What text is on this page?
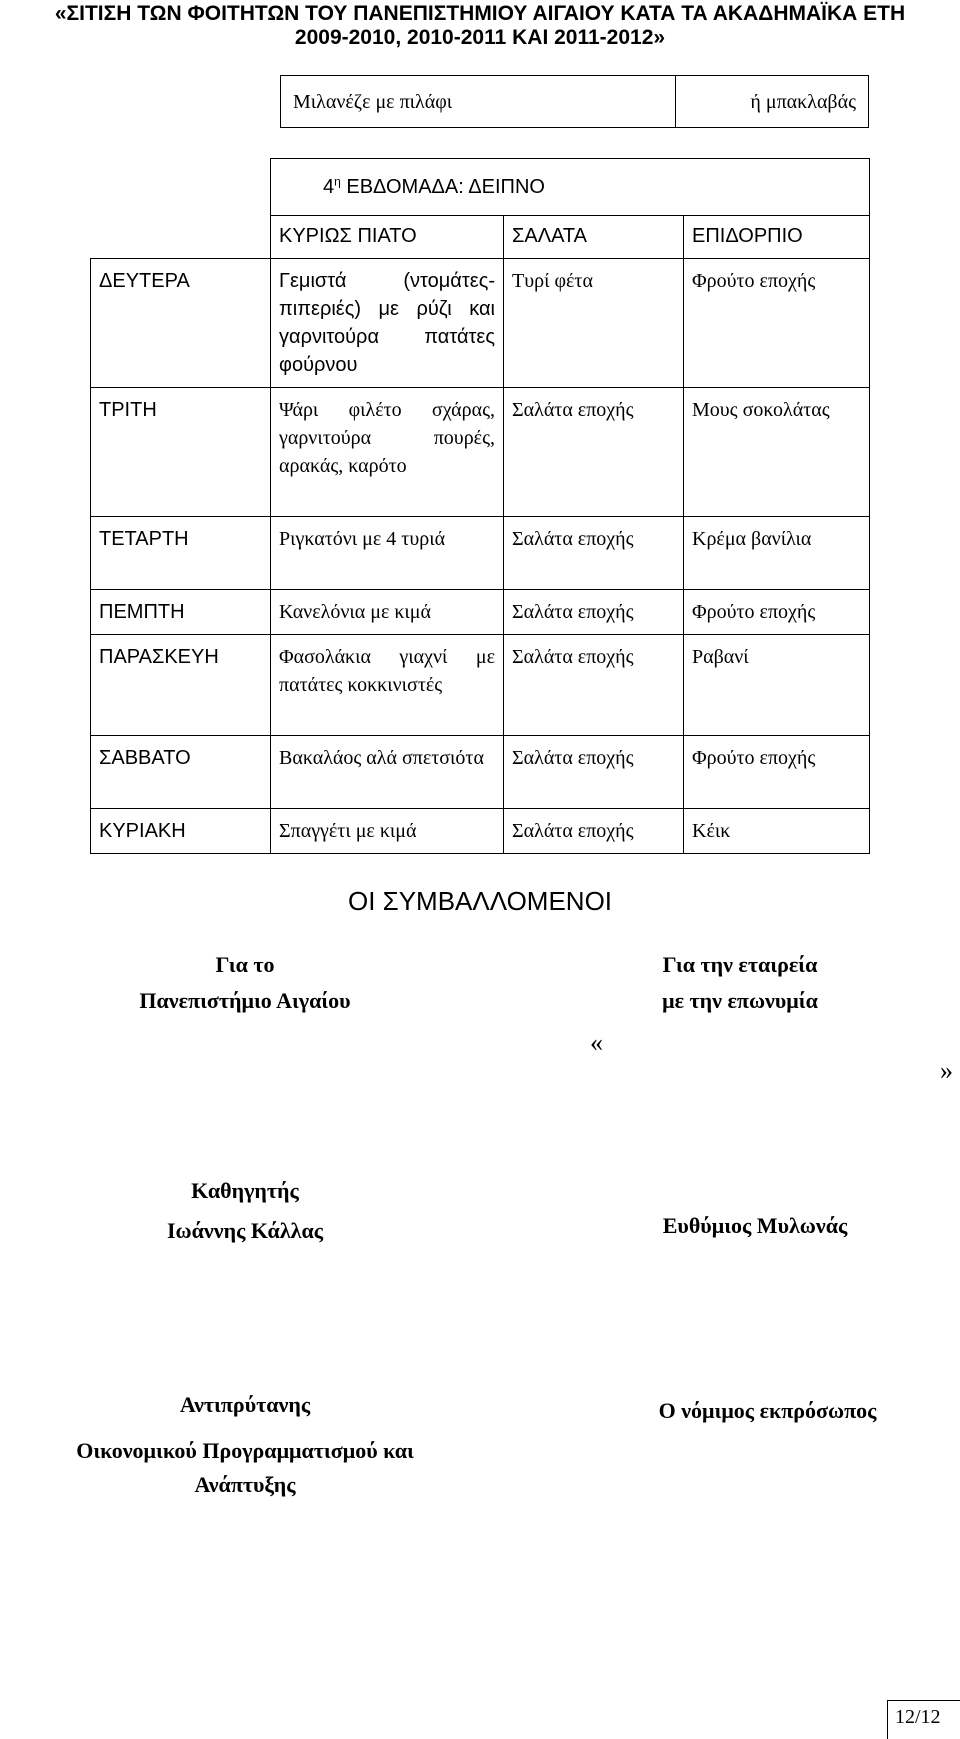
«ΣΙΤΙΣΗ ΤΩΝ ΦΟΙΤΗΤΩΝ ΤΟΥ ΠΑΝΕΠΙΣΤΗΜΙΟΥ ΑΙΓΑΙΟΥ ΚΑΤΑ ΤΑ ΑΚΑΔΗΜΑΪΚΑ ΕΤΗ
2009-2010, 2010-2011 ΚΑΙ 2011-2012»
Μιλανέζε με πιλάφι	ή μπακλαβάς
	$4^\eta$ ΕΒΔΟΜΑΔΑ: ΔΕΙΠΝΟ		
	ΚΥΡΙΩΣ ΠΙΑΤΟ	ΣΑΛΑΤΑ	ΕΠΙΔΟΡΠΙΟ
ΔΕΥΤΕΡΑ	Γεμιστά (ντομάτες-πιπεριές) με ρύζι και γαρνιτούρα πατάτες φούρνου	Τυρί φέτα	Φρούτο εποχής
ΤΡΙΤΗ	Ψάρι φιλέτο σχάρας, γαρνιτούρα πουρές, αρακάς, καρότο	Σαλάτα εποχής	Μους σοκολάτας
ΤΕΤΑΡΤΗ	Ριγκατόνι με 4 τυριά	Σαλάτα εποχής	Κρέμα βανίλια
ΠΕΜΠΤΗ	Κανελόνια με κιμά	Σαλάτα εποχής	Φρούτο εποχής
ΠΑΡΑΣΚΕΥΗ	Φασολάκια γιαχνί με πατάτες κοκκινιστές	Σαλάτα εποχής	Ραβανί
ΣΑΒΒΑΤΟ	Βακαλάος αλά σπετσιότα	Σαλάτα εποχής	Φρούτο εποχής
ΚΥΡΙΑΚΗ	Σπαγγέτι με κιμά	Σαλάτα εποχής	Κέικ
ΟΙ ΣΥΜΒΑΛΛΟΜΕΝΟΙ
Για το
Πανεπιστήμιο Αιγαίου
Για την εταιρεία
με την επωνυμία
«
»
Καθηγητής
Ιωάννης Κάλλας	Ευθύμιος Μυλωνάς
Αντιπρύτανης
Οικονομικού Προγραμματισμού και
Ανάπτυξης
Ο νόμιμος εκπρόσωπος
12/12
